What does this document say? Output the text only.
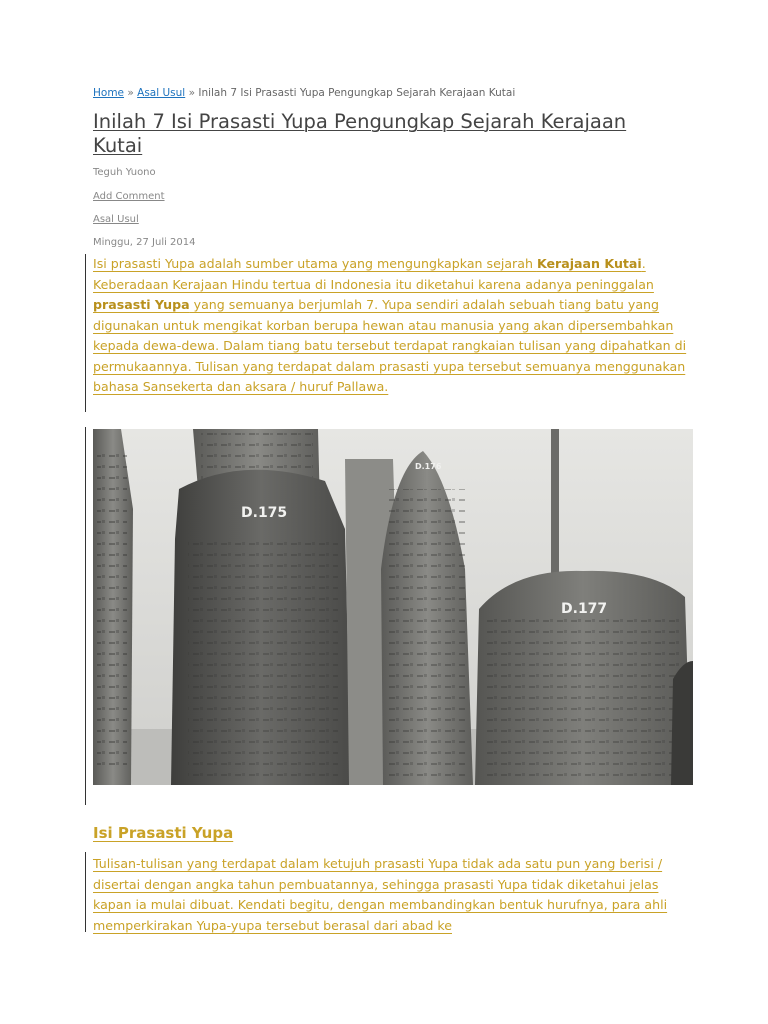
Home » Asal Usul » Inilah 7 Isi Prasasti Yupa Pengungkap Sejarah Kerajaan Kutai
Inilah 7 Isi Prasasti Yupa Pengungkap Sejarah Kerajaan Kutai
Teguh Yuono
Add Comment
Asal Usul
Minggu, 27 Juli 2014

Isi prasasti Yupa adalah sumber utama yang mengungkapkan sejarah Kerajaan Kutai. Keberadaan Kerajaan Hindu tertua di Indonesia itu diketahui karena adanya peninggalan prasasti Yupa yang semuanya berjumlah 7. Yupa sendiri adalah sebuah tiang batu yang digunakan untuk mengikat korban berupa hewan atau manusia yang akan dipersembahkan kepada dewa-dewa. Dalam tiang batu tersebut terdapat rangkaian tulisan yang dipahatkan di permukaannya. Tulisan yang terdapat dalam prasasti yupa tersebut semuanya menggunakan bahasa Sansekerta dan aksara / huruf Pallawa.

D.175
D.176
D.177
Isi Prasasti Yupa

Tulisan-tulisan yang terdapat dalam ketujuh prasasti Yupa tidak ada satu pun yang berisi / disertai dengan angka tahun pembuatannya, sehingga prasasti Yupa tidak diketahui jelas kapan ia mulai dibuat. Kendati begitu, dengan membandingkan bentuk hurufnya, para ahli memperkirakan Yupa-yupa tersebut berasal dari abad ke
